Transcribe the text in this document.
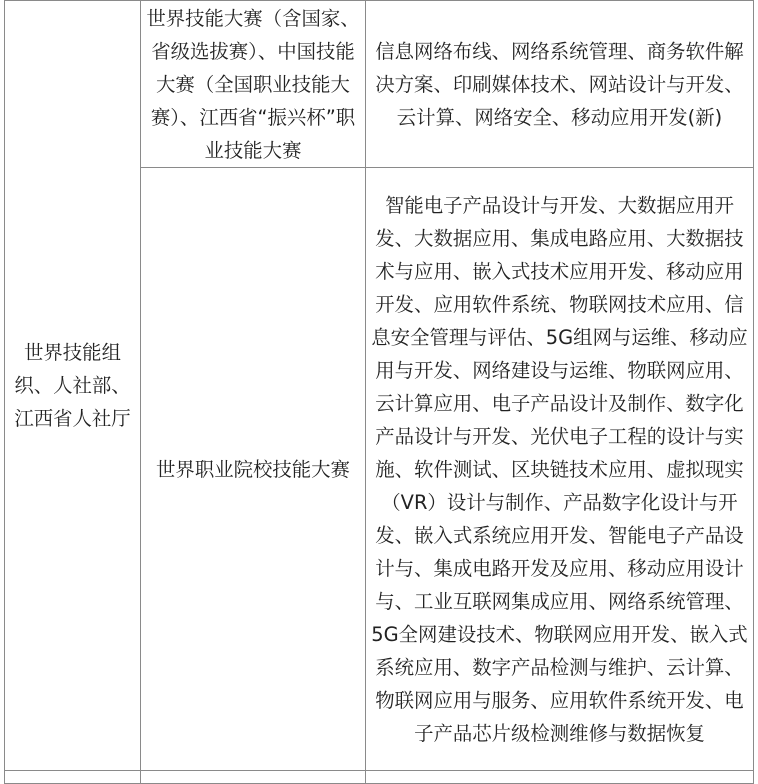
世界技能组织、人社部、江西省人社厅	世界技能大赛（含国家、省级选拔赛）、中国技能大赛（全国职业技能大赛）、江西省“振兴杯”职业技能大赛	信息网络布线、网络系统管理、商务软件解决方案、印刷媒体技术、网站设计与开发、云计算、网络安全、移动应用开发(新)
	世界职业院校技能大赛	智能电子产品设计与开发、大数据应用开发、大数据应用、集成电路应用、大数据技术与应用、嵌入式技术应用开发、移动应用开发、应用软件系统、物联网技术应用、信息安全管理与评估、5G组网与运维、移动应用与开发、网络建设与运维、物联网应用、云计算应用、电子产品设计及制作、数字化产品设计与开发、光伏电子工程的设计与实施、软件测试、区块链技术应用、虚拟现实（VR）设计与制作、产品数字化设计与开发、嵌入式系统应用开发、智能电子产品设计与、集成电路开发及应用、移动应用设计与、工业互联网集成应用、网络系统管理、5G全网建设技术、物联网应用开发、嵌入式系统应用、数字产品检测与维护、云计算、物联网应用与服务、应用软件系统开发、电子产品芯片级检测维修与数据恢复
